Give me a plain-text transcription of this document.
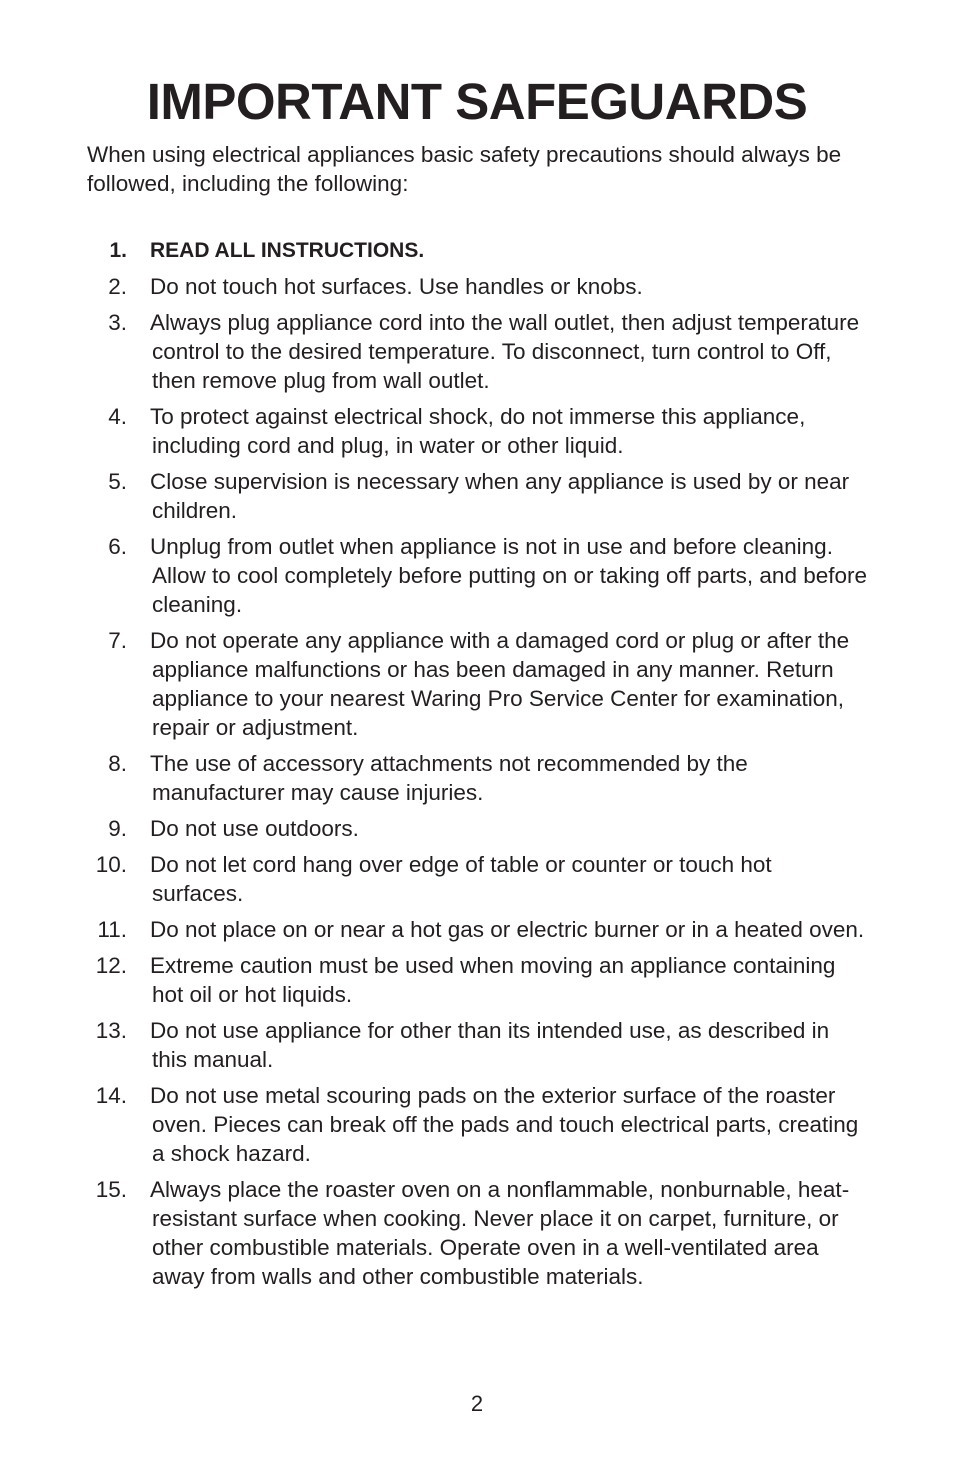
IMPORTANT SAFEGUARDS

When using electrical appliances basic safety precautions should always be followed, including the following:

1. READ ALL INSTRUCTIONS.
2. Do not touch hot surfaces. Use handles or knobs.
3. Always plug appliance cord into the wall outlet, then adjust temperature control to the desired temperature. To disconnect, turn control to Off, then remove plug from wall outlet.
4. To protect against electrical shock, do not immerse this appliance, including cord and plug, in water or other liquid.
5. Close supervision is necessary when any appliance is used by or near children.
6. Unplug from outlet when appliance is not in use and before cleaning. Allow to cool completely before putting on or taking off parts, and before cleaning.
7. Do not operate any appliance with a damaged cord or plug or after the appliance malfunctions or has been damaged in any manner. Return appliance to your nearest Waring Pro Service Center for examination, repair or adjustment.
8. The use of accessory attachments not recommended by the manufacturer may cause injuries.
9. Do not use outdoors.
10. Do not let cord hang over edge of table or counter or touch hot surfaces.
11. Do not place on or near a hot gas or electric burner or in a heated oven.
12. Extreme caution must be used when moving an appliance containing hot oil or hot liquids.
13. Do not use appliance for other than its intended use, as described in this manual.
14. Do not use metal scouring pads on the exterior surface of the roaster oven. Pieces can break off the pads and touch electrical parts, creating a shock hazard.
15. Always place the roaster oven on a nonflammable, nonburnable, heat-resistant surface when cooking. Never place it on carpet, furniture, or other combustible materials. Operate oven in a well-ventilated area away from walls and other combustible materials.
2
